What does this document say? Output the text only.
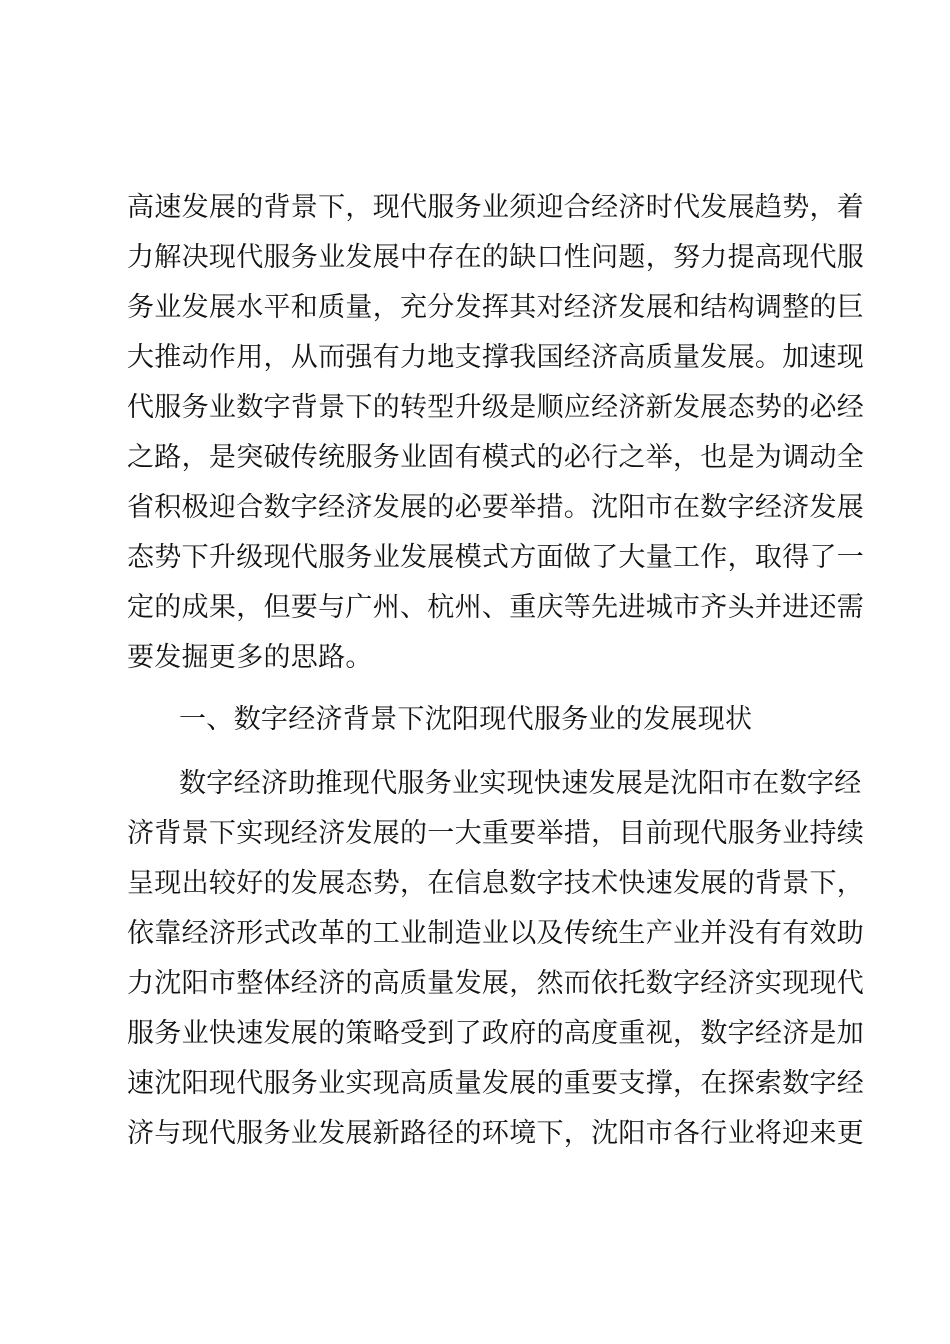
高速发展的背景下，现代服务业须迎合经济时代发展趋势，着
力解决现代服务业发展中存在的缺口性问题，努力提高现代服
务业发展水平和质量，充分发挥其对经济发展和结构调整的巨
大推动作用，从而强有力地支撑我国经济高质量发展。加速现
代服务业数字背景下的转型升级是顺应经济新发展态势的必经
之路，是突破传统服务业固有模式的必行之举，也是为调动全
省积极迎合数字经济发展的必要举措。沈阳市在数字经济发展
态势下升级现代服务业发展模式方面做了大量工作，取得了一
定的成果，但要与广州、杭州、重庆等先进城市齐头并进还需
要发掘更多的思路。
一、数字经济背景下沈阳现代服务业的发展现状
数字经济助推现代服务业实现快速发展是沈阳市在数字经
济背景下实现经济发展的一大重要举措，目前现代服务业持续
呈现出较好的发展态势，在信息数字技术快速发展的背景下，
依靠经济形式改革的工业制造业以及传统生产业并没有有效助
力沈阳市整体经济的高质量发展，然而依托数字经济实现现代
服务业快速发展的策略受到了政府的高度重视，数字经济是加
速沈阳现代服务业实现高质量发展的重要支撑，在探索数字经
济与现代服务业发展新路径的环境下，沈阳市各行业将迎来更
